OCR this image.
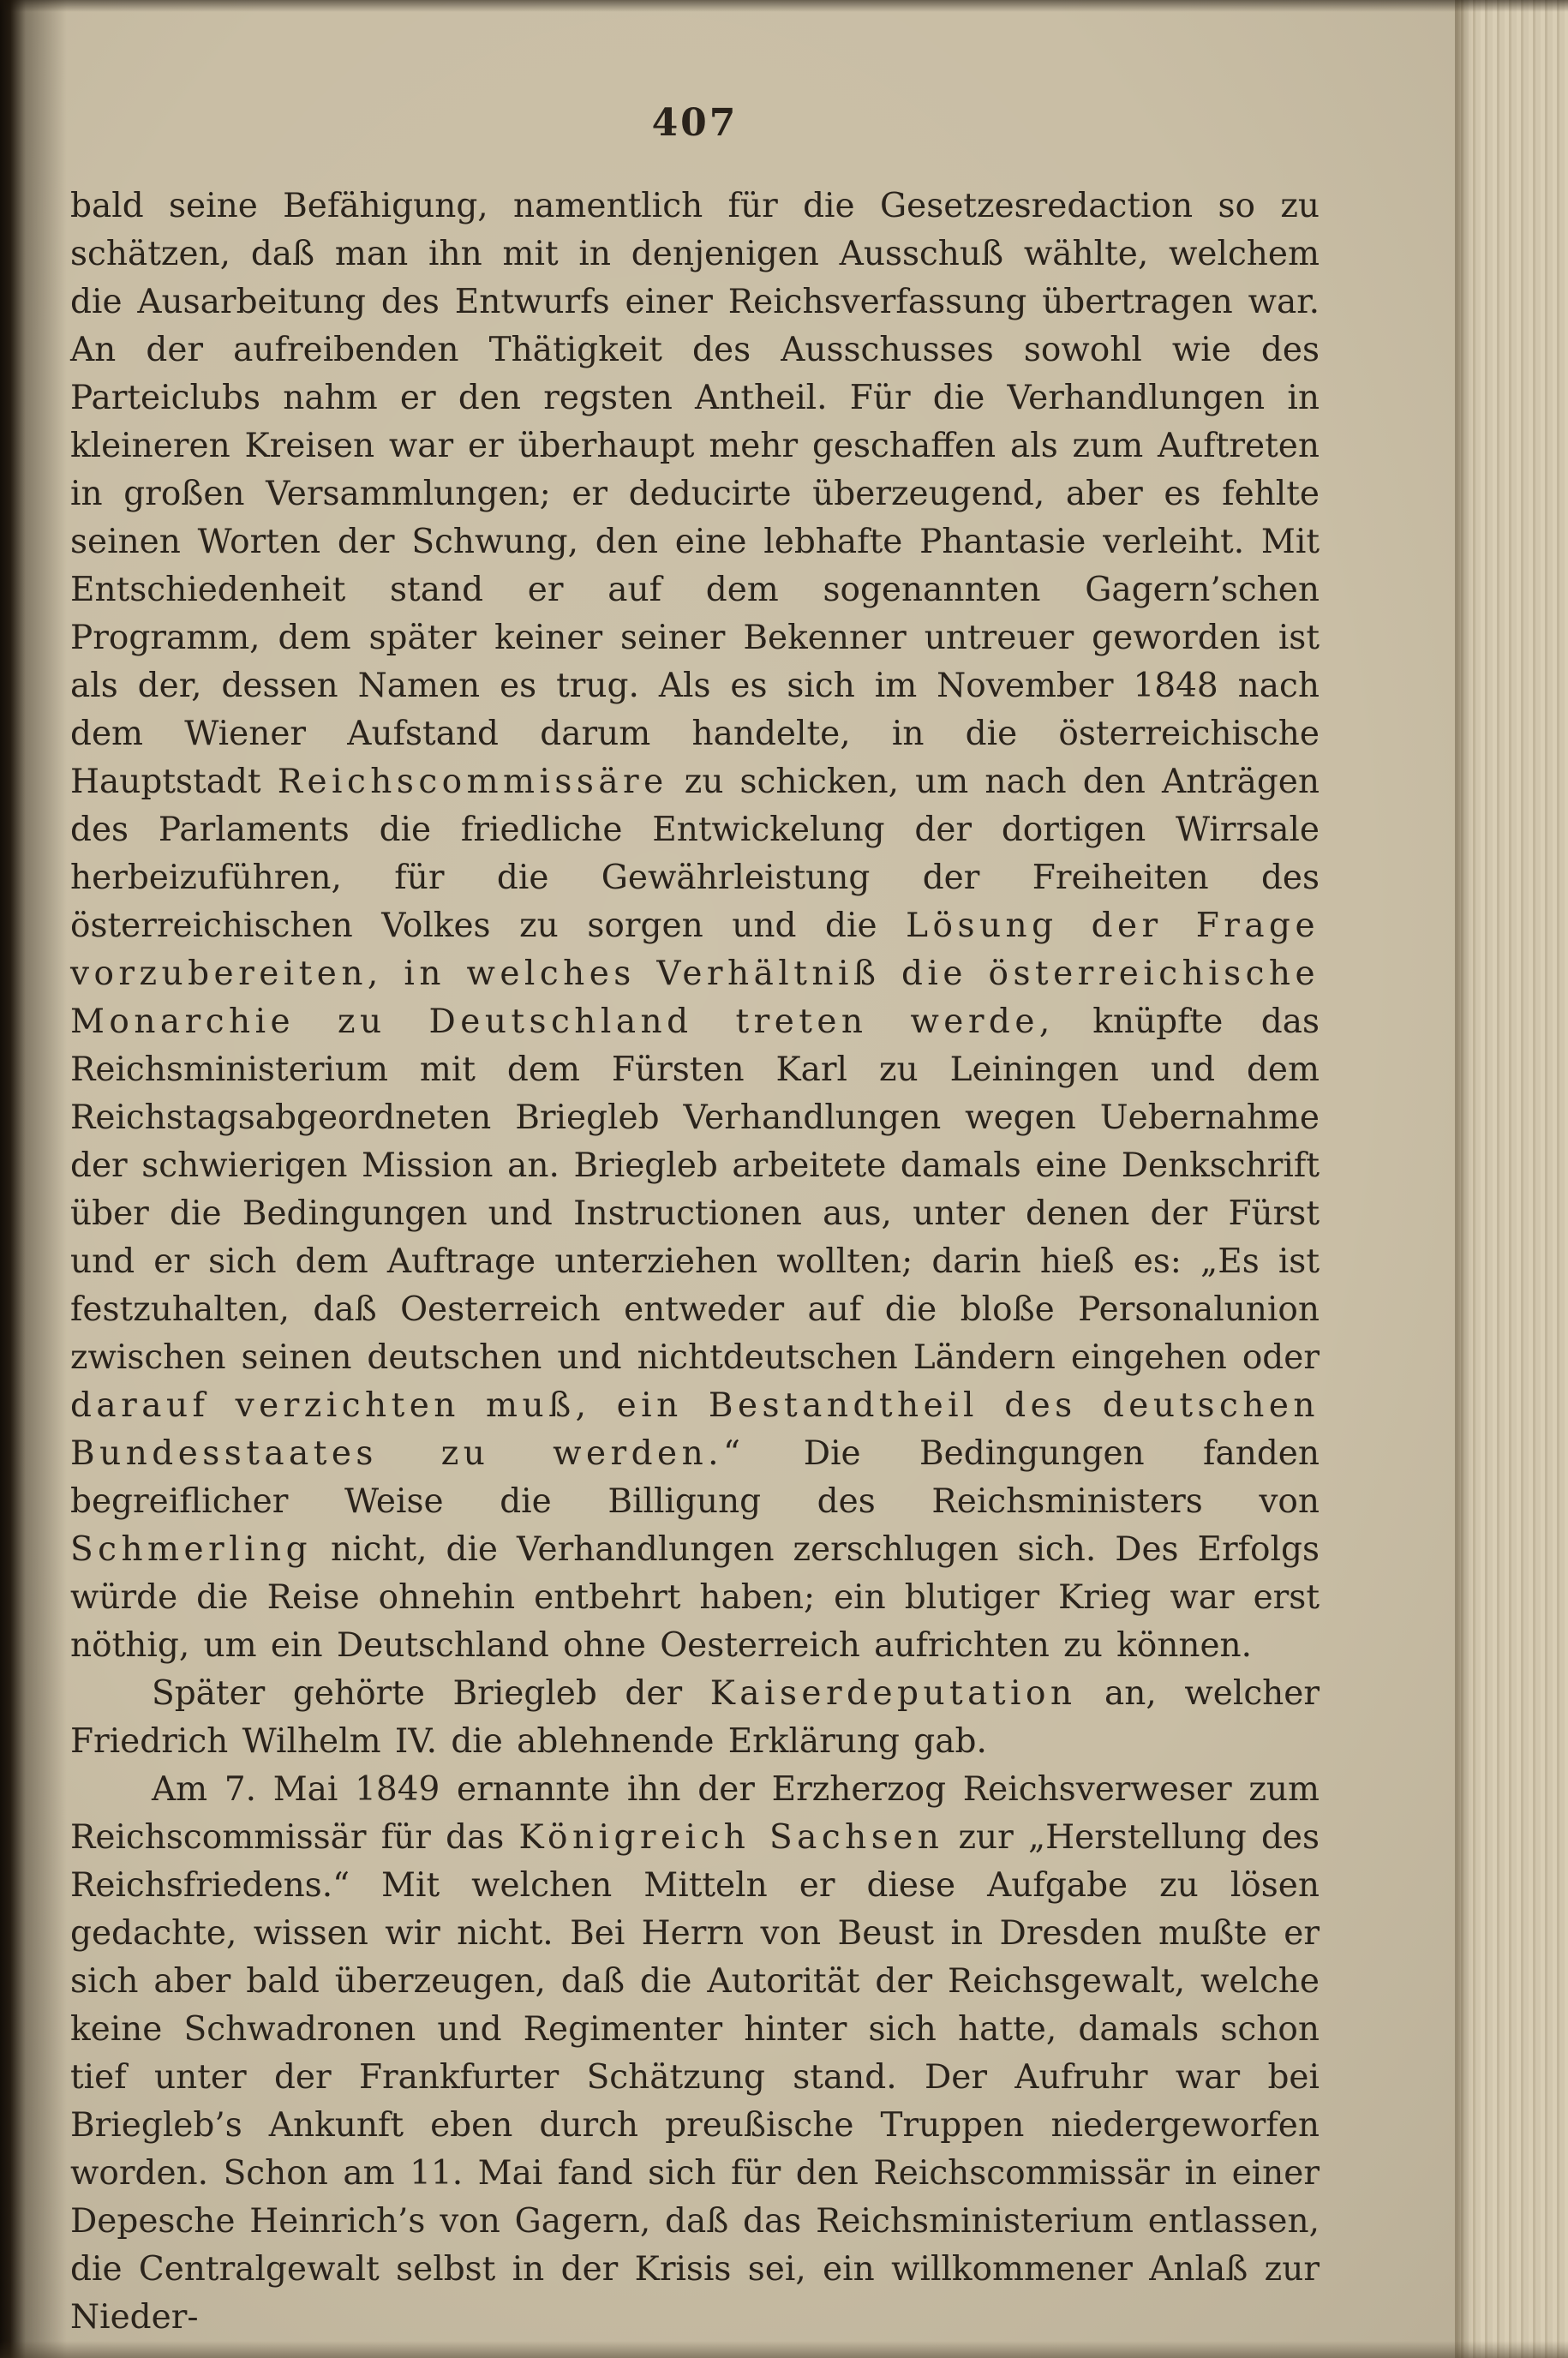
407

bald seine Befähigung, namentlich für die Gesetzesredaction so zu schätzen, daß man ihn mit in denjenigen Ausschuß wählte, welchem die Ausarbeitung des Entwurfs einer Reichsverfassung übertragen war. An der aufreibenden Thätigkeit des Ausschusses sowohl wie des Parteiclubs nahm er den regsten Antheil. Für die Verhandlungen in kleineren Kreisen war er überhaupt mehr geschaffen als zum Auftreten in großen Versammlungen; er deducirte überzeugend, aber es fehlte seinen Worten der Schwung, den eine lebhafte Phantasie verleiht. Mit Entschiedenheit stand er auf dem sogenannten Gagern’schen Programm, dem später keiner seiner Bekenner untreuer geworden ist als der, dessen Namen es trug. Als es sich im November 1848 nach dem Wiener Aufstand darum handelte, in die österreichische Hauptstadt Reichscommissäre zu schicken, um nach den Anträgen des Parlaments die friedliche Entwickelung der dortigen Wirrsale herbeizuführen, für die Gewährleistung der Freiheiten des österreichischen Volkes zu sorgen und die Lösung der Frage vorzubereiten, in welches Verhältniß die österreichische Monarchie zu Deutschland treten werde, knüpfte das Reichsministerium mit dem Fürsten Karl zu Leiningen und dem Reichstagsabgeordneten Briegleb Verhandlungen wegen Uebernahme der schwierigen Mission an. Briegleb arbeitete damals eine Denkschrift über die Bedingungen und Instructionen aus, unter denen der Fürst und er sich dem Auftrage unterziehen wollten; darin hieß es: „Es ist festzuhalten, daß Oesterreich entweder auf die bloße Personalunion zwischen seinen deutschen und nichtdeutschen Ländern eingehen oder darauf verzichten muß, ein Bestandtheil des deutschen Bundesstaates zu werden.“ Die Bedingungen fanden begreiflicher Weise die Billigung des Reichsministers von Schmerling nicht, die Verhandlungen zerschlugen sich. Des Erfolgs würde die Reise ohnehin entbehrt haben; ein blutiger Krieg war erst nöthig, um ein Deutschland ohne Oesterreich aufrichten zu können.

Später gehörte Briegleb der Kaiserdeputation an, welcher Friedrich Wilhelm IV. die ablehnende Erklärung gab.

Am 7. Mai 1849 ernannte ihn der Erzherzog Reichsverweser zum Reichscommissär für das Königreich Sachsen zur „Herstellung des Reichsfriedens.“ Mit welchen Mitteln er diese Aufgabe zu lösen gedachte, wissen wir nicht. Bei Herrn von Beust in Dresden mußte er sich aber bald überzeugen, daß die Autorität der Reichsgewalt, welche keine Schwadronen und Regimenter hinter sich hatte, damals schon tief unter der Frankfurter Schätzung stand. Der Aufruhr war bei Briegleb’s Ankunft eben durch preußische Truppen niedergeworfen worden. Schon am 11. Mai fand sich für den Reichscommissär in einer Depesche Heinrich’s von Gagern, daß das Reichsministerium entlassen, die Centralgewalt selbst in der Krisis sei, ein willkommener Anlaß zur Nieder-
